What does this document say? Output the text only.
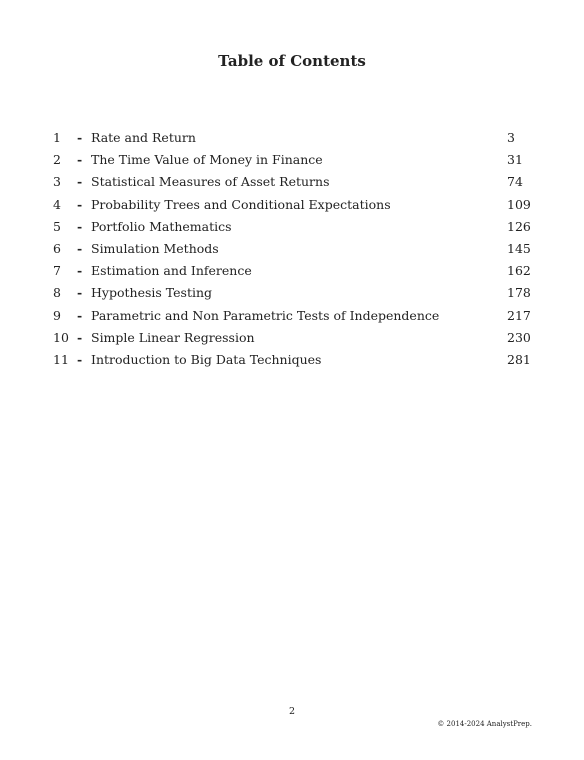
Table of Contents
1	- Rate and Return	3
2	- The Time Value of Money in Finance	31
3	- Statistical Measures of Asset Returns	74
4	- Probability Trees and Conditional Expectations	109
5	- Portfolio Mathematics	126
6	- Simulation Methods	145
7	- Estimation and Inference	162
8	- Hypothesis Testing	178
9	- Parametric and Non Parametric Tests of Independence	217
10 - Simple Linear Regression	230
11 - Introduction to Big Data Techniques	281
2
© 2014-2024 AnalystPrep.
